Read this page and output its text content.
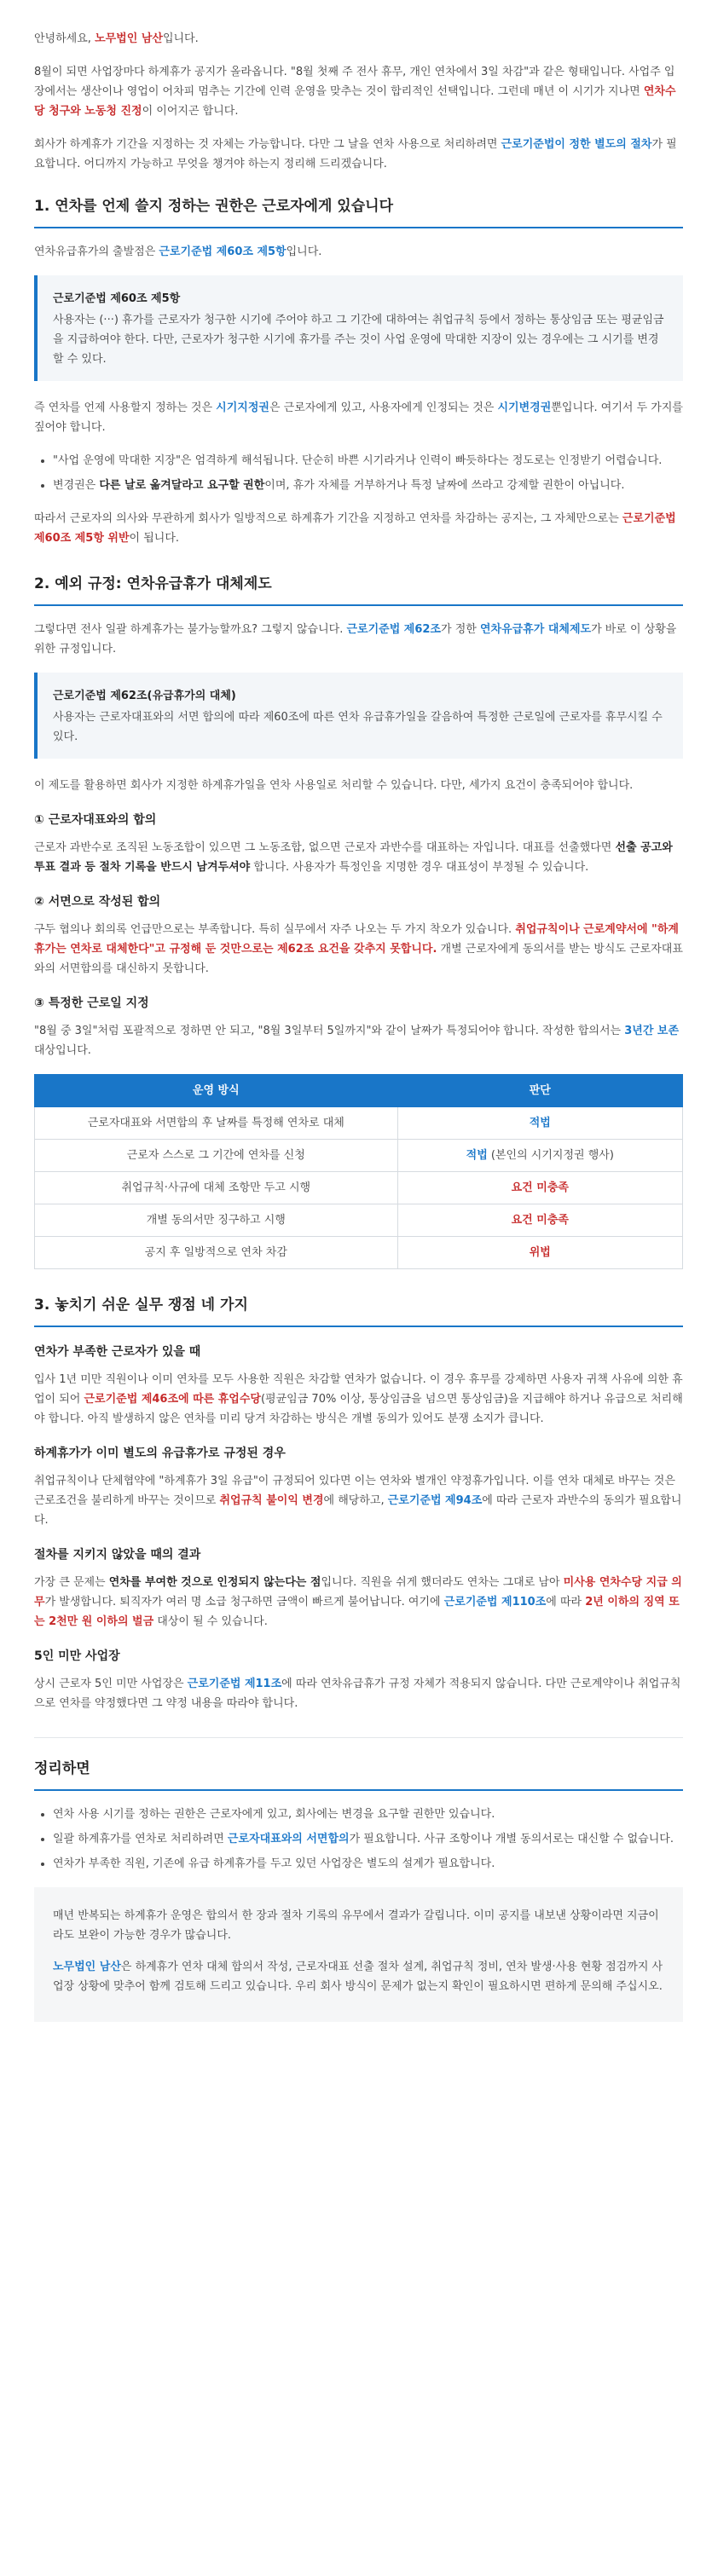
안녕하세요, 노무법인 남산입니다.

8월이 되면 사업장마다 하계휴가 공지가 올라옵니다. "8월 첫째 주 전사 휴무, 개인 연차에서 3일 차감"과 같은 형태입니다. 사업주 입장에서는 생산이나 영업이 어차피 멈추는 기간에 인력 운영을 맞추는 것이 합리적인 선택입니다. 그런데 매년 이 시기가 지나면 연차수당 청구와 노동청 진정이 이어지곤 합니다.

회사가 하계휴가 기간을 지정하는 것 자체는 가능합니다. 다만 그 날을 연차 사용으로 처리하려면 근로기준법이 정한 별도의 절차가 필요합니다. 어디까지 가능하고 무엇을 챙겨야 하는지 정리해 드리겠습니다.

1. 연차를 언제 쓸지 정하는 권한은 근로자에게 있습니다

연차유급휴가의 출발점은 근로기준법 제60조 제5항입니다.

근로기준법 제60조 제5항
사용자는 (···) 휴가를 근로자가 청구한 시기에 주어야 하고 그 기간에 대하여는 취업규칙 등에서 정하는 통상임금 또는 평균임금을 지급하여야 한다. 다만, 근로자가 청구한 시기에 휴가를 주는 것이 사업 운영에 막대한 지장이 있는 경우에는 그 시기를 변경할 수 있다.

즉 연차를 언제 사용할지 정하는 것은 시기지정권은 근로자에게 있고, 사용자에게 인정되는 것은 시기변경권뿐입니다. 여기서 두 가지를 짚어야 합니다.

• "사업 운영에 막대한 지장"은 엄격하게 해석됩니다. 단순히 바쁜 시기라거나 인력이 빠듯하다는 정도로는 인정받기 어렵습니다.
• 변경권은 다른 날로 옮겨달라고 요구할 권한이며, 휴가 자체를 거부하거나 특정 날짜에 쓰라고 강제할 권한이 아닙니다.

따라서 근로자의 의사와 무관하게 회사가 일방적으로 하계휴가 기간을 지정하고 연차를 차감하는 공지는, 그 자체만으로는 근로기준법 제60조 제5항 위반이 됩니다.

2. 예외 규정: 연차유급휴가 대체제도

그렇다면 전사 일괄 하계휴가는 불가능할까요? 그렇지 않습니다. 근로기준법 제62조가 정한 연차유급휴가 대체제도가 바로 이 상황을 위한 규정입니다.

근로기준법 제62조(유급휴가의 대체)
사용자는 근로자대표와의 서면 합의에 따라 제60조에 따른 연차 유급휴가일을 갈음하여 특정한 근로일에 근로자를 휴무시킬 수 있다.

이 제도를 활용하면 회사가 지정한 하계휴가일을 연차 사용일로 처리할 수 있습니다. 다만, 세가지 요건이 충족되어야 합니다.

① 근로자대표와의 합의

근로자 과반수로 조직된 노동조합이 있으면 그 노동조합, 없으면 근로자 과반수를 대표하는 자입니다. 대표를 선출했다면 선출 공고와 투표 결과 등 절차 기록을 반드시 남겨두셔야 합니다. 사용자가 특정인을 지명한 경우 대표성이 부정될 수 있습니다.

② 서면으로 작성된 합의

구두 협의나 회의록 언급만으로는 부족합니다. 특히 실무에서 자주 나오는 두 가지 착오가 있습니다. 취업규칙이나 근로계약서에 "하계휴가는 연차로 대체한다"고 규정해 둔 것만으로는 제62조 요건을 갖추지 못합니다. 개별 근로자에게 동의서를 받는 방식도 근로자대표와의 서면합의를 대신하지 못합니다.

③ 특정한 근로일 지정

"8월 중 3일"처럼 포괄적으로 정하면 안 되고, "8월 3일부터 5일까지"와 같이 날짜가 특정되어야 합니다. 작성한 합의서는 3년간 보존 대상입니다.

운영 방식	판단
근로자대표와 서면합의 후 날짜를 특정해 연차로 대체	적법
근로자 스스로 그 기간에 연차를 신청	적법 (본인의 시기지정권 행사)
취업규칙·사규에 대체 조항만 두고 시행	요건 미충족
개별 동의서만 징구하고 시행	요건 미충족
공지 후 일방적으로 연차 차감	위법
3. 놓치기 쉬운 실무 쟁점 네 가지
연차가 부족한 근로자가 있을 때

입사 1년 미만 직원이나 이미 연차를 모두 사용한 직원은 차감할 연차가 없습니다. 이 경우 휴무를 강제하면 사용자 귀책 사유에 의한 휴업이 되어 근로기준법 제46조에 따른 휴업수당(평균임금 70% 이상, 통상임금을 넘으면 통상임금)을 지급해야 하거나 유급으로 처리해야 합니다. 아직 발생하지 않은 연차를 미리 당겨 차감하는 방식은 개별 동의가 있어도 분쟁 소지가 큽니다.

하계휴가가 이미 별도의 유급휴가로 규정된 경우

취업규칙이나 단체협약에 "하계휴가 3일 유급"이 규정되어 있다면 이는 연차와 별개인 약정휴가입니다. 이를 연차 대체로 바꾸는 것은 근로조건을 불리하게 바꾸는 것이므로 취업규칙 불이익 변경에 해당하고, 근로기준법 제94조에 따라 근로자 과반수의 동의가 필요합니다.

절차를 지키지 않았을 때의 결과

가장 큰 문제는 연차를 부여한 것으로 인정되지 않는다는 점입니다. 직원을 쉬게 했더라도 연차는 그대로 남아 미사용 연차수당 지급 의무가 발생합니다. 퇴직자가 여러 명 소급 청구하면 금액이 빠르게 불어납니다. 여기에 근로기준법 제110조에 따라 2년 이하의 징역 또는 2천만 원 이하의 벌금 대상이 될 수 있습니다.

5인 미만 사업장

상시 근로자 5인 미만 사업장은 근로기준법 제11조에 따라 연차유급휴가 규정 자체가 적용되지 않습니다. 다만 근로계약이나 취업규칙으로 연차를 약정했다면 그 약정 내용을 따라야 합니다.

정리하면
• 연차 사용 시기를 정하는 권한은 근로자에게 있고, 회사에는 변경을 요구할 권한만 있습니다.
• 일괄 하계휴가를 연차로 처리하려면 근로자대표와의 서면합의가 필요합니다. 사규 조항이나 개별 동의서로는 대신할 수 없습니다.
• 연차가 부족한 직원, 기존에 유급 하계휴가를 두고 있던 사업장은 별도의 설계가 필요합니다.

매년 반복되는 하계휴가 운영은 합의서 한 장과 절차 기록의 유무에서 결과가 갈립니다. 이미 공지를 내보낸 상황이라면 지금이라도 보완이 가능한 경우가 많습니다.

노무법인 남산은 하계휴가 연차 대체 합의서 작성, 근로자대표 선출 절차 설계, 취업규칙 정비, 연차 발생·사용 현황 점검까지 사업장 상황에 맞추어 함께 검토해 드리고 있습니다. 우리 회사 방식이 문제가 없는지 확인이 필요하시면 편하게 문의해 주십시오.
